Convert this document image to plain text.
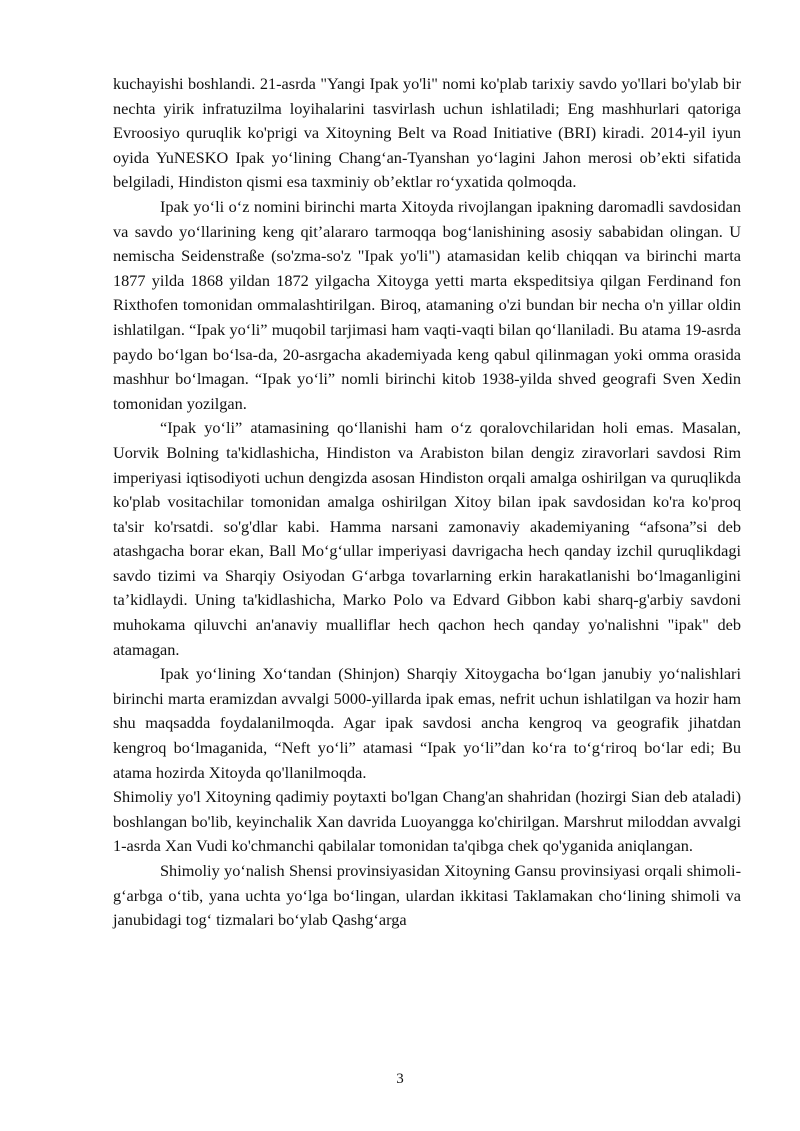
kuchayishi boshlandi. 21-asrda "Yangi Ipak yo'li" nomi ko'plab tarixiy savdo yo'llari bo'ylab bir nechta yirik infratuzilma loyihalarini tasvirlash uchun ishlatiladi; Eng mashhurlari qatoriga Evroosiyo quruqlik ko'prigi va Xitoyning Belt va Road Initiative (BRI) kiradi. 2014-yil iyun oyida YuNESKO Ipak yo‘lining Chang‘an-Tyanshan yo‘lagini Jahon merosi ob’ekti sifatida belgiladi, Hindiston qismi esa taxminiy ob’ektlar ro‘yxatida qolmoqda.

Ipak yo‘li o‘z nomini birinchi marta Xitoyda rivojlangan ipakning daromadli savdosidan va savdo yo‘llarining keng qit’alararo tarmoqqa bog‘lanishining asosiy sababidan olingan. U nemischa Seidenstraße (so'zma-so'z "Ipak yo'li") atamasidan kelib chiqqan va birinchi marta 1877 yilda 1868 yildan 1872 yilgacha Xitoyga yetti marta ekspeditsiya qilgan Ferdinand fon Rixthofen tomonidan ommalashtirilgan. Biroq, atamaning o'zi bundan bir necha o'n yillar oldin ishlatilgan. “Ipak yo‘li” muqobil tarjimasi ham vaqti-vaqti bilan qo‘llaniladi. Bu atama 19-asrda paydo bo‘lgan bo‘lsa-da, 20-asrgacha akademiyada keng qabul qilinmagan yoki omma orasida mashhur bo‘lmagan. “Ipak yo‘li” nomli birinchi kitob 1938-yilda shved geografi Sven Xedin tomonidan yozilgan.

“Ipak yo‘li” atamasining qo‘llanishi ham o‘z qoralovchilaridan holi emas. Masalan, Uorvik Bolning ta'kidlashicha, Hindiston va Arabiston bilan dengiz ziravorlari savdosi Rim imperiyasi iqtisodiyoti uchun dengizda asosan Hindiston orqali amalga oshirilgan va quruqlikda ko'plab vositachilar tomonidan amalga oshirilgan Xitoy bilan ipak savdosidan ko'ra ko'proq ta'sir ko'rsatdi. so'g'dlar kabi. Hamma narsani zamonaviy akademiyaning “afsona”si deb atashgacha borar ekan, Ball Mo‘g‘ullar imperiyasi davrigacha hech qanday izchil quruqlikdagi savdo tizimi va Sharqiy Osiyodan G‘arbga tovarlarning erkin harakatlanishi bo‘lmaganligini ta’kidlaydi. Uning ta'kidlashicha, Marko Polo va Edvard Gibbon kabi sharq-g'arbiy savdoni muhokama qiluvchi an'anaviy mualliflar hech qachon hech qanday yo'nalishni "ipak" deb atamagan.

Ipak yo‘lining Xo‘tandan (Shinjon) Sharqiy Xitoygacha bo‘lgan janubiy yo‘nalishlari birinchi marta eramizdan avvalgi 5000-yillarda ipak emas, nefrit uchun ishlatilgan va hozir ham shu maqsadda foydalanilmoqda. Agar ipak savdosi ancha kengroq va geografik jihatdan kengroq bo‘lmaganida, “Neft yo‘li” atamasi “Ipak yo‘li”dan ko‘ra to‘g‘riroq bo‘lar edi; Bu atama hozirda Xitoyda qo'llanilmoqda.

Shimoliy yo'l Xitoyning qadimiy poytaxti bo'lgan Chang'an shahridan (hozirgi Sian deb ataladi) boshlangan bo'lib, keyinchalik Xan davrida Luoyangga ko'chirilgan. Marshrut miloddan avvalgi 1-asrda Xan Vudi ko'chmanchi qabilalar tomonidan ta'qibga chek qo'yganida aniqlangan.

Shimoliy yo‘nalish Shensi provinsiyasidan Xitoyning Gansu provinsiyasi orqali shimoli-g‘arbga o‘tib, yana uchta yo‘lga bo‘lingan, ulardan ikkitasi Taklamakan cho‘lining shimoli va janubidagi tog‘ tizmalari bo‘ylab Qashg‘arga

3
